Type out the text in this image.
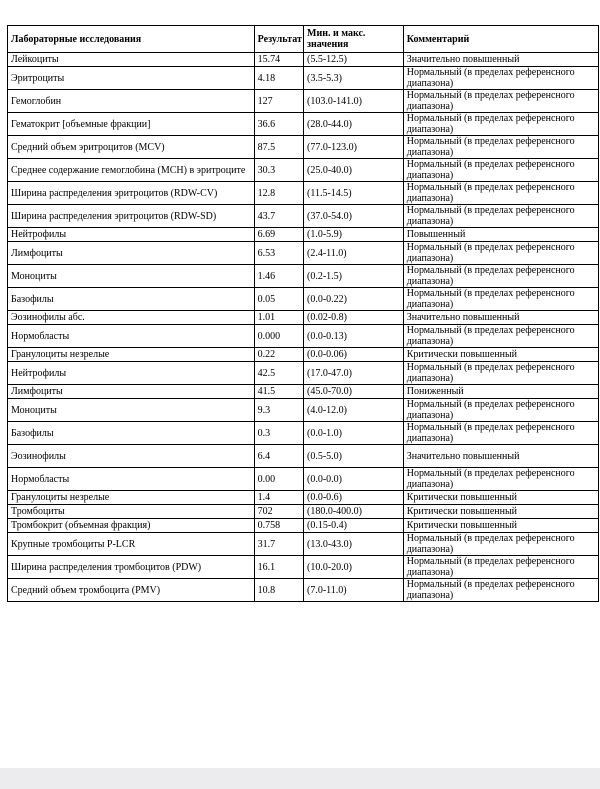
Лабораторные исследования	Результат	Мин. и макс. значения	Комментарий
Лейкоциты	15.74	(5.5-12.5)	Значительно повышенный
Эритроциты	4.18	(3.5-5.3)	Нормальный (в пределах референсного диапазона)
Гемоглобин	127	(103.0-141.0)	Нормальный (в пределах референсного диапазона)
Гематокрит [объемные фракции]	36.6	(28.0-44.0)	Нормальный (в пределах референсного диапазона)
Средний объем эритроцитов (MCV)	87.5	(77.0-123.0)	Нормальный (в пределах референсного диапазона)
Среднее содержание гемоглобина (MCH) в эритроците	30.3	(25.0-40.0)	Нормальный (в пределах референсного диапазона)
Ширина распределения эритроцитов (RDW-CV)	12.8	(11.5-14.5)	Нормальный (в пределах референсного диапазона)
Ширина распределения эритроцитов (RDW-SD)	43.7	(37.0-54.0)	Нормальный (в пределах референсного диапазона)
Нейтрофилы	6.69	(1.0-5.9)	Повышенный
Лимфоциты	6.53	(2.4-11.0)	Нормальный (в пределах референсного диапазона)
Моноциты	1.46	(0.2-1.5)	Нормальный (в пределах референсного диапазона)
Базофилы	0.05	(0.0-0.22)	Нормальный (в пределах референсного диапазона)
Эозинофилы абс.	1.01	(0.02-0.8)	Значительно повышенный
Нормобласты	0.000	(0.0-0.13)	Нормальный (в пределах референсного диапазона)
Гранулоциты незрелые	0.22	(0.0-0.06)	Критически повышенный
Нейтрофилы	42.5	(17.0-47.0)	Нормальный (в пределах референсного диапазона)
Лимфоциты	41.5	(45.0-70.0)	Пониженный
Моноциты	9.3	(4.0-12.0)	Нормальный (в пределах референсного диапазона)
Базофилы	0.3	(0.0-1.0)	Нормальный (в пределах референсного диапазона)
Эозинофилы	6.4	(0.5-5.0)	Значительно повышенный
Нормобласты	0.00	(0.0-0.0)	Нормальный (в пределах референсного диапазона)
Гранулоциты незрелые	1.4	(0.0-0.6)	Критически повышенный
Тромбоциты	702	(180.0-400.0)	Критически повышенный
Тромбокрит (объемная фракция)	0.758	(0.15-0.4)	Критически повышенный
Крупные тромбоциты P-LCR	31.7	(13.0-43.0)	Нормальный (в пределах референсного диапазона)
Ширина распределения тромбоцитов (PDW)	16.1	(10.0-20.0)	Нормальный (в пределах референсного диапазона)
Средний объем тромбоцита (PMV)	10.8	(7.0-11.0)	Нормальный (в пределах референсного диапазона)
